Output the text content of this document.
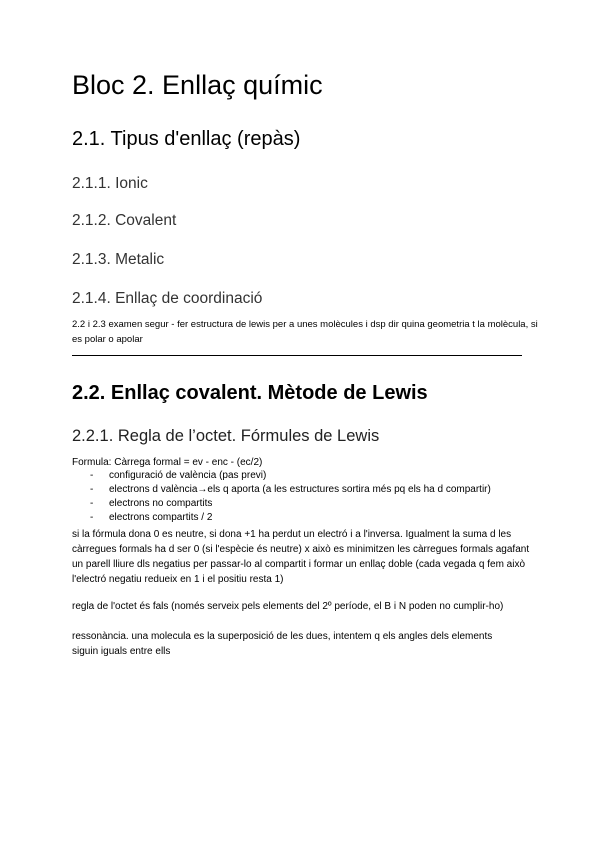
Bloc 2. Enllaç químic
2.1. Tipus d'enllaç (repàs)
2.1.1. Ionic
2.1.2. Covalent
2.1.3. Metalic
2.1.4. Enllaç de coordinació

2.2 i 2.3 examen segur - fer estructura de lewis per a unes molècules i dsp dir quina geometria t la molècula, si es polar o apolar

2.2. Enllaç covalent. Mètode de Lewis
2.2.1. Regla de l’octet. Fórmules de Lewis

Formula: Càrrega formal = ev - enc - (ec/2)

- configuració de valència (pas previ)
- electrons d valència→els q aporta (a les estructures sortira més pq els ha d compartir)
- electrons no compartits
- electrons compartits / 2

si la fórmula dona 0 es neutre, si dona +1 ha perdut un electró i a l'inversa. Igualment la suma d les càrregues formals ha d ser 0 (si l'espècie és neutre) x això es minimitzen les càrregues formals agafant un parell lliure dls negatius per passar-lo al compartit i formar un enllaç doble (cada vegada q fem això l'electró negatiu redueix en 1 i el positiu resta 1)

regla de l'octet és fals (només serveix pels elements del 2º període, el B i N poden no cumplir-ho)

ressonància. una molecula es la superposició de les dues, intentem q els angles dels elements siguin iguals entre ells
